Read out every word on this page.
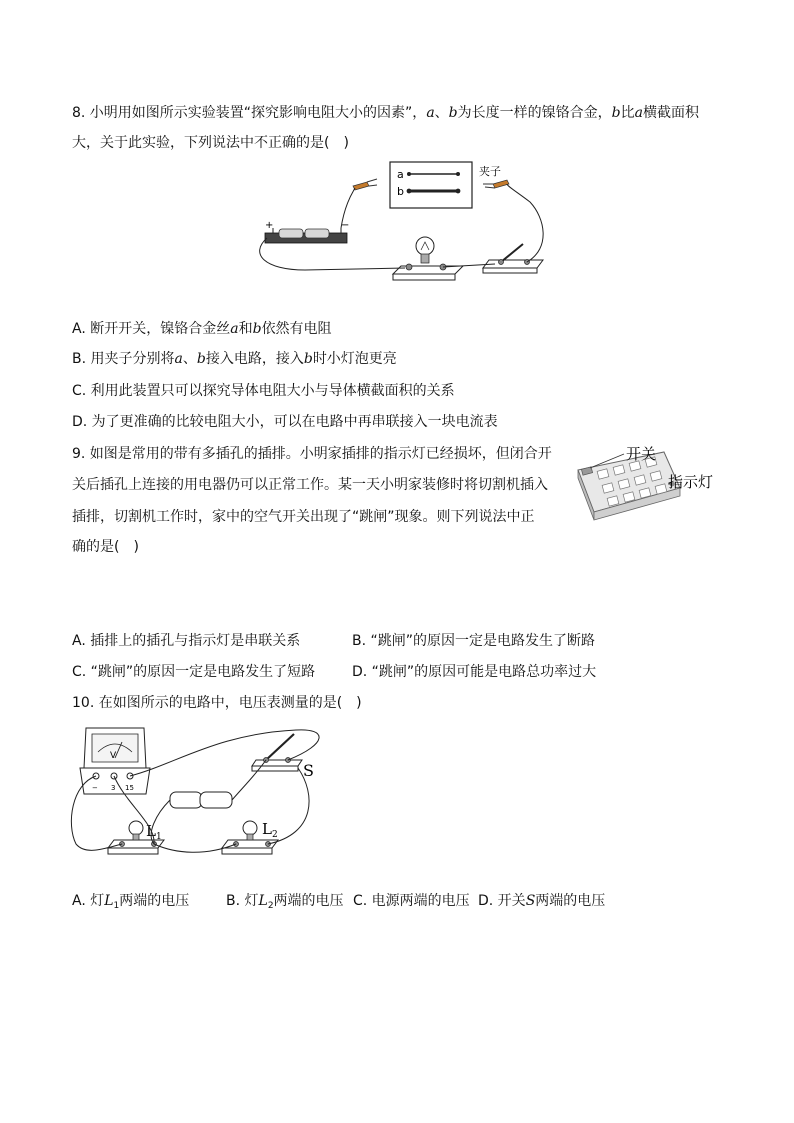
8. 小明用如图所示实验装置“探究影响电阻大小的因素”，a、b为长度一样的镍铬合金，b比a横截面积
大，关于此实验，下列说法中不正确的是(　)
a
b
夹子
+	−
A. 断开开关，镍铬合金丝a和b依然有电阻
B. 用夹子分别将a、b接入电路，接入b时小灯泡更亮
C. 利用此装置只可以探究导体电阻大小与导体横截面积的关系
D. 为了更准确的比较电阻大小，可以在电路中再串联接入一块电流表
9. 如图是常用的带有多插孔的插排。小明家插排的指示灯已经损坏，但闭合开
关后插孔上连接的用电器仍可以正常工作。某一天小明家装修时将切割机插入
插排，切割机工作时，家中的空气开关出现了“跳闸”现象。则下列说法中正
确的是(　)
开关
指示灯
A. 插排上的插孔与指示灯是串联关系	B. “跳闸”的原因一定是电路发生了断路
C. “跳闸”的原因一定是电路发生了短路	D. “跳闸”的原因可能是电路总功率过大
10. 在如图所示的电路中，电压表测量的是(　)
V
− 3 15
S
$L_1$	$L_2$
A. 灯$L_1$两端的电压	B. 灯$L_2$两端的电压 C. 电源两端的电压 D. 开关S两端的电压
